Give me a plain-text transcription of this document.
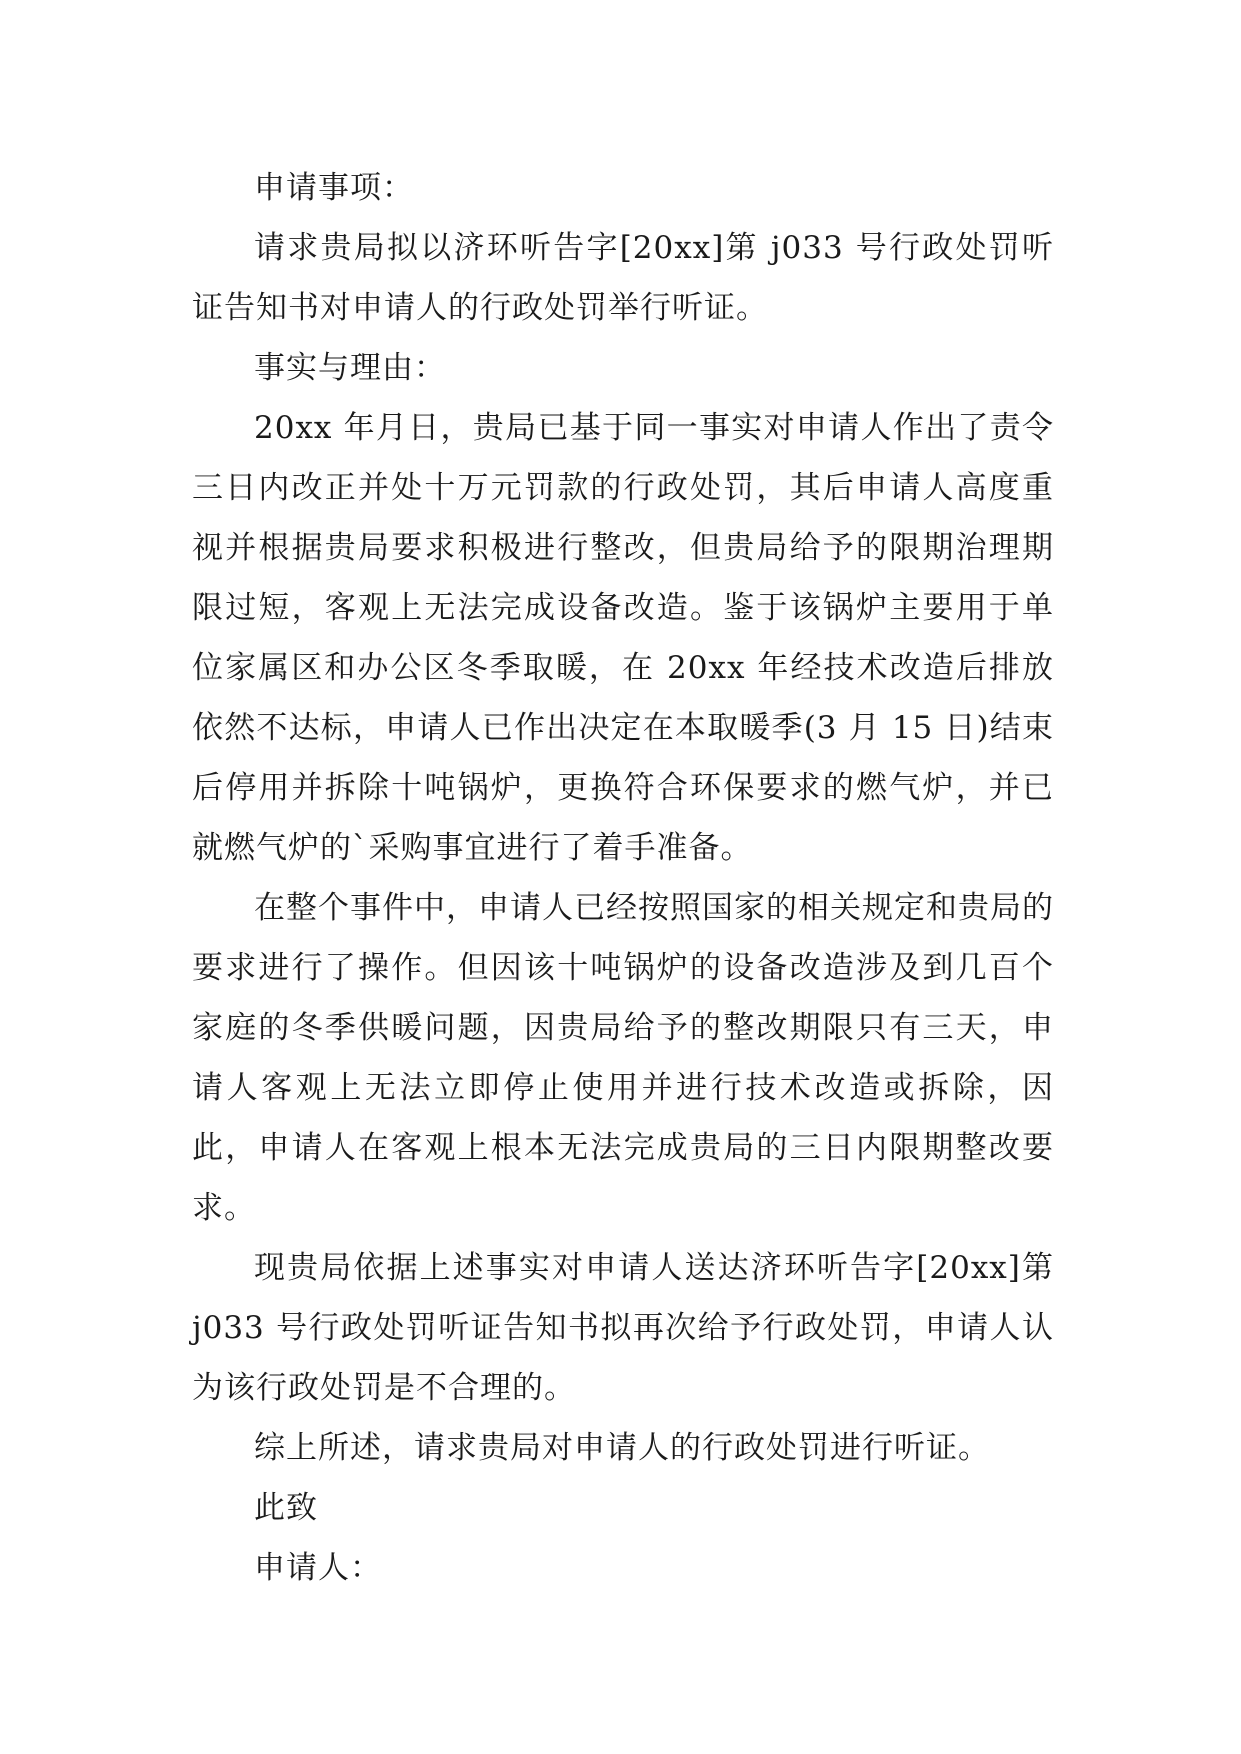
申请事项：

请求贵局拟以济环听告字[20xx]第 j033 号行政处罚听证告知书对申请人的行政处罚举行听证。

事实与理由：

20xx 年月日，贵局已基于同一事实对申请人作出了责令三日内改正并处十万元罚款的行政处罚，其后申请人高度重视并根据贵局要求积极进行整改，但贵局给予的限期治理期限过短，客观上无法完成设备改造。鉴于该锅炉主要用于单位家属区和办公区冬季取暖，在 20xx 年经技术改造后排放依然不达标，申请人已作出决定在本取暖季(3 月 15 日)结束后停用并拆除十吨锅炉，更换符合环保要求的燃气炉，并已就燃气炉的`采购事宜进行了着手准备。

在整个事件中，申请人已经按照国家的相关规定和贵局的要求进行了操作。但因该十吨锅炉的设备改造涉及到几百个家庭的冬季供暖问题，因贵局给予的整改期限只有三天，申请人客观上无法立即停止使用并进行技术改造或拆除，因此，申请人在客观上根本无法完成贵局的三日内限期整改要求。

现贵局依据上述事实对申请人送达济环听告字[20xx]第 j033 号行政处罚听证告知书拟再次给予行政处罚，申请人认为该行政处罚是不合理的。

综上所述，请求贵局对申请人的行政处罚进行听证。

此致

申请人：
